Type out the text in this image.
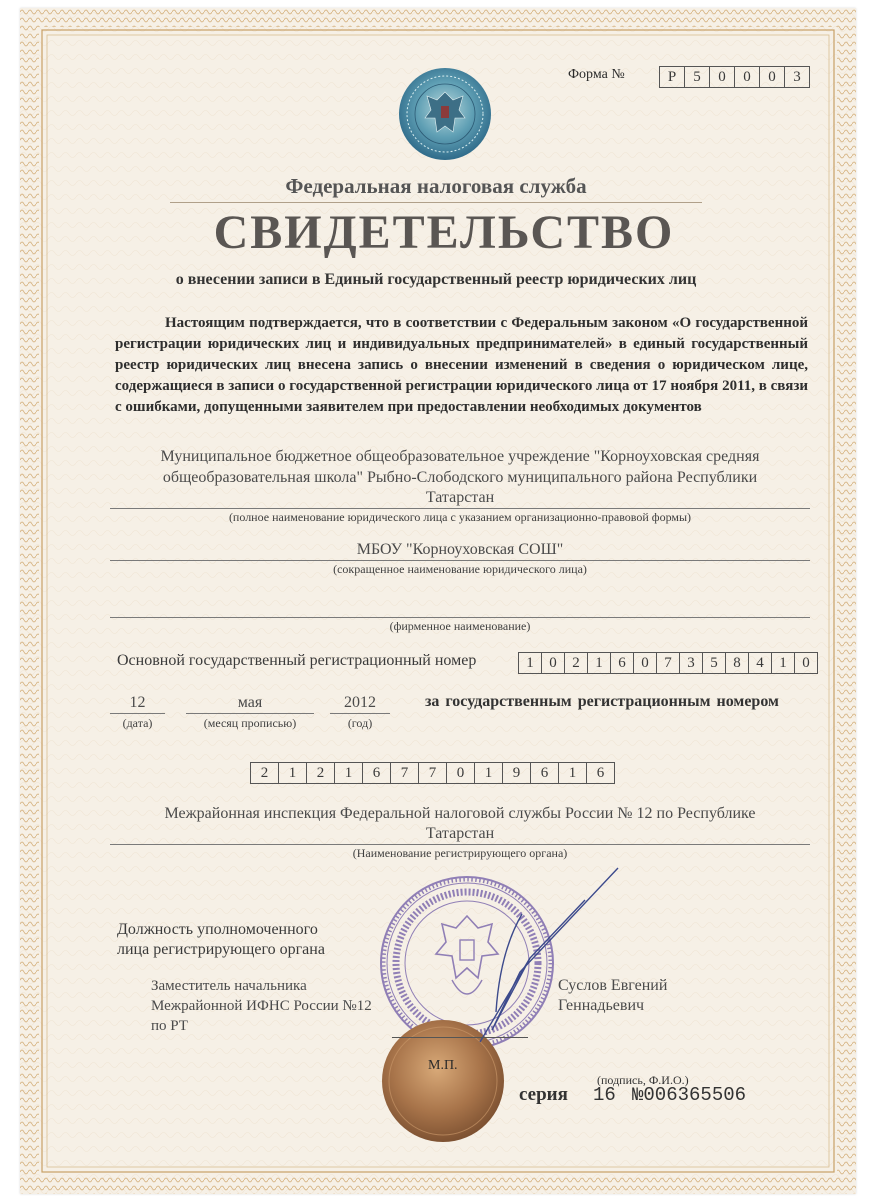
Форма №	Р	5	0	0	0	3
Федеральная налоговая служба
СВИДЕТЕЛЬСТВО
о внесении записи в Единый государственный реестр юридических лиц
Настоящим подтверждается, что в соответствии с Федеральным законом «О государственной регистрации юридических лиц и индивидуальных предпринимателей» в единый государственный реестр юридических лиц внесена запись о внесении изменений в сведения о юридическом лице, содержащиеся в записи о государственной регистрации юридического лица от 17 ноября 2011, в связи с ошибками, допущенными заявителем при предоставлении необходимых документов
Муниципальное бюджетное общеобразовательное учреждение "Корноуховская средняя
общеобразовательная школа" Рыбно-Слободского муниципального района Республики
Татарстан
(полное наименование юридического лица с указанием организационно-правовой формы)
МБОУ "Корноуховская СОШ"
(сокращенное наименование юридического лица)
(фирменное наименование)
Основной государственный регистрационный номер	1	0	2	1	6	0	7	3	5	8	4	1	0
12
(дата)
мая
(месяц прописью)
2012
(год)
за государственным регистрационным номером
2	1	2	1	6	7	7	0	1	9	6	1	6
Межрайонная инспекция Федеральной налоговой службы России № 12 по Республике
Татарстан
(Наименование регистрирующего органа)
Должность уполномоченного
лица регистрирующего органа
Заместитель начальника
Межрайонной ИФНС России №12
по РТ
Суслов Евгений
Геннадьевич
М.П.
(подпись, Ф.И.О.)
серия 16 №006365506
